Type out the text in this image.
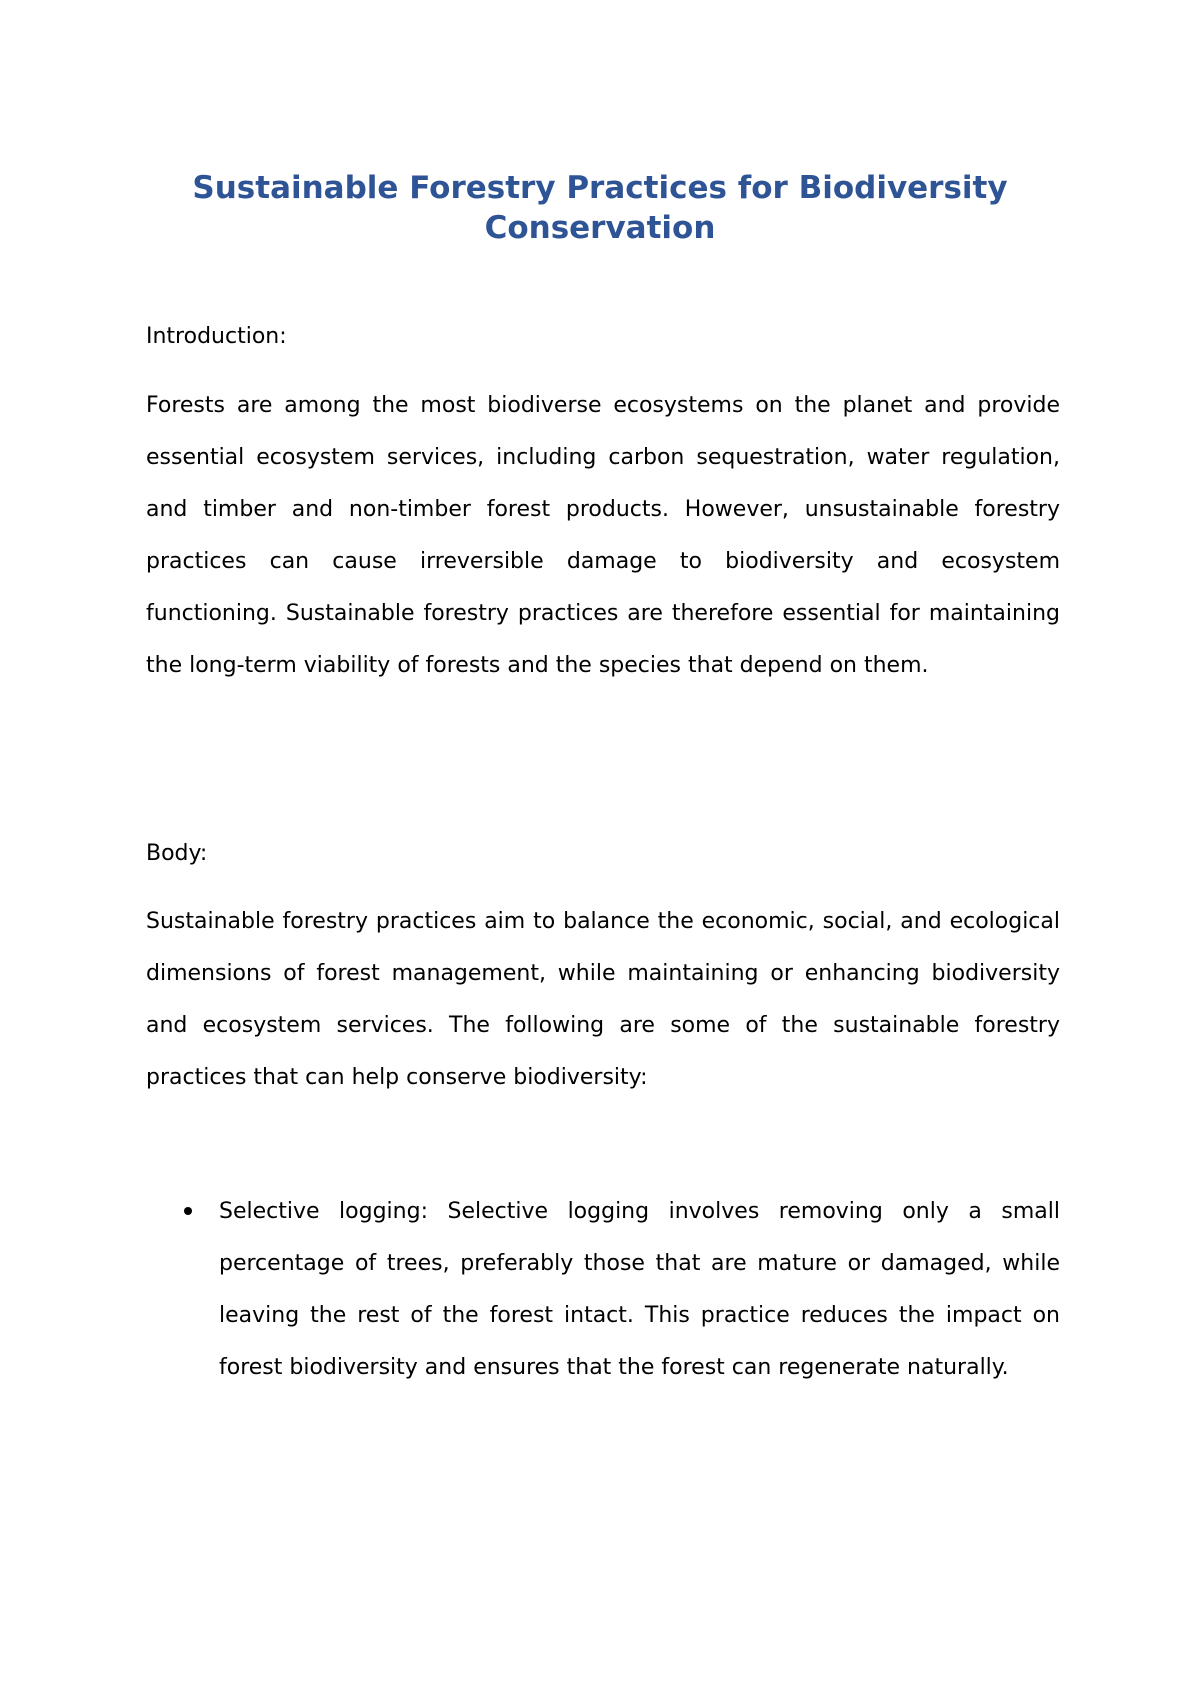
Sustainable Forestry Practices for Biodiversity Conservation

Introduction:

Forests are among the most biodiverse ecosystems on the planet and provide essential ecosystem services, including carbon sequestration, water regulation, and timber and non-timber forest products. However, unsustainable forestry practices can cause irreversible damage to biodiversity and ecosystem functioning. Sustainable forestry practices are therefore essential for maintaining the long-term viability of forests and the species that depend on them.

Body:

Sustainable forestry practices aim to balance the economic, social, and ecological dimensions of forest management, while maintaining or enhancing biodiversity and ecosystem services. The following are some of the sustainable forestry practices that can help conserve biodiversity:

Selective logging: Selective logging involves removing only a small percentage of trees, preferably those that are mature or damaged, while leaving the rest of the forest intact. This practice reduces the impact on forest biodiversity and ensures that the forest can regenerate naturally.
